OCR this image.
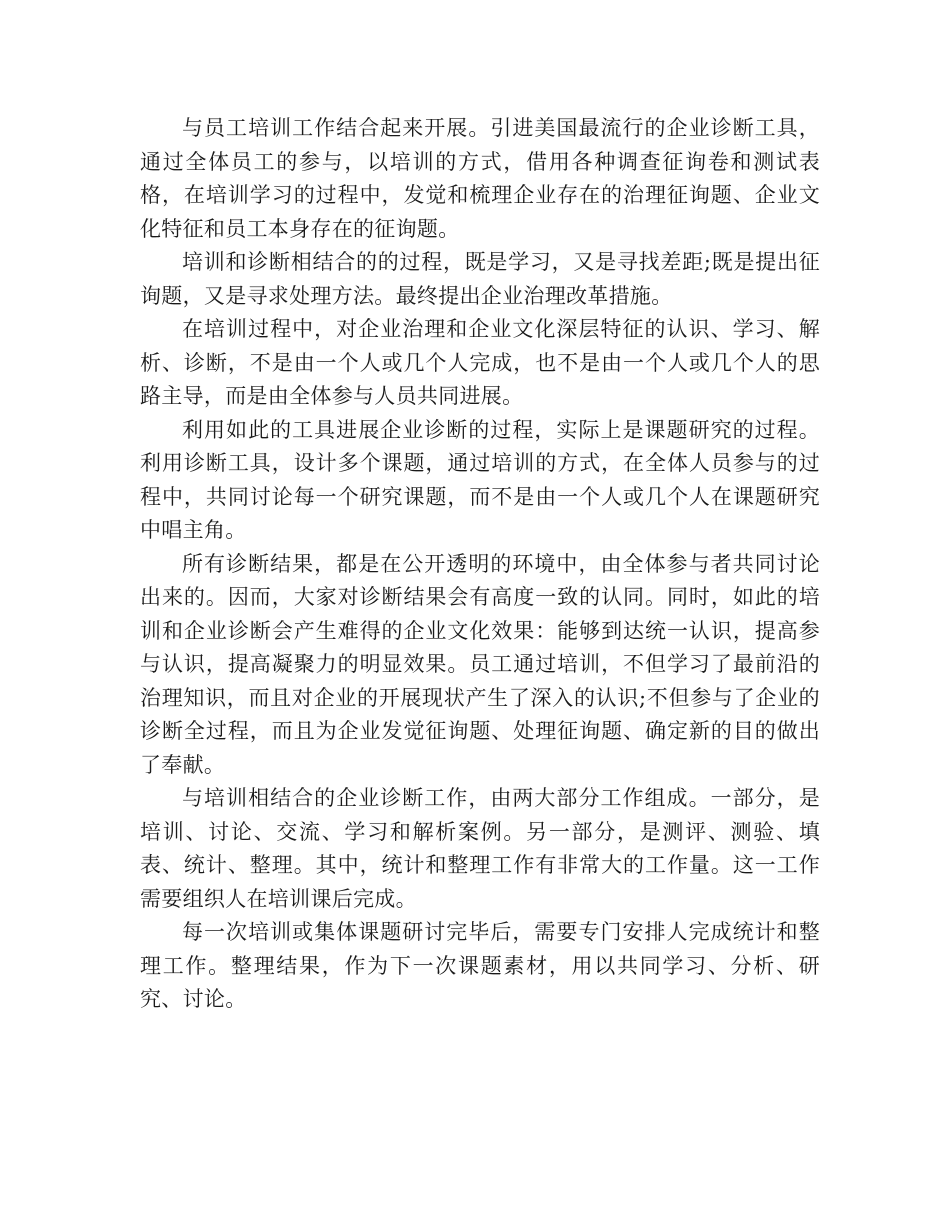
与员工培训工作结合起来开展。引进美国最流行的企业诊断工具，通过全体员工的参与，以培训的方式，借用各种调查征询卷和测试表格，在培训学习的过程中，发觉和梳理企业存在的治理征询题、企业文化特征和员工本身存在的征询题。

培训和诊断相结合的的过程，既是学习，又是寻找差距;既是提出征询题，又是寻求处理方法。最终提出企业治理改革措施。

在培训过程中，对企业治理和企业文化深层特征的认识、学习、解析、诊断，不是由一个人或几个人完成，也不是由一个人或几个人的思路主导，而是由全体参与人员共同进展。

利用如此的工具进展企业诊断的过程，实际上是课题研究的过程。利用诊断工具，设计多个课题，通过培训的方式，在全体人员参与的过程中，共同讨论每一个研究课题，而不是由一个人或几个人在课题研究中唱主角。

所有诊断结果，都是在公开透明的环境中，由全体参与者共同讨论出来的。因而，大家对诊断结果会有高度一致的认同。同时，如此的培训和企业诊断会产生难得的企业文化效果：能够到达统一认识，提高参与认识，提高凝聚力的明显效果。员工通过培训，不但学习了最前沿的治理知识，而且对企业的开展现状产生了深入的认识;不但参与了企业的诊断全过程，而且为企业发觉征询题、处理征询题、确定新的目的做出了奉献。

与培训相结合的企业诊断工作，由两大部分工作组成。一部分，是培训、讨论、交流、学习和解析案例。另一部分，是测评、测验、填表、统计、整理。其中，统计和整理工作有非常大的工作量。这一工作需要组织人在培训课后完成。

每一次培训或集体课题研讨完毕后，需要专门安排人完成统计和整理工作。整理结果，作为下一次课题素材，用以共同学习、分析、研究、讨论。
